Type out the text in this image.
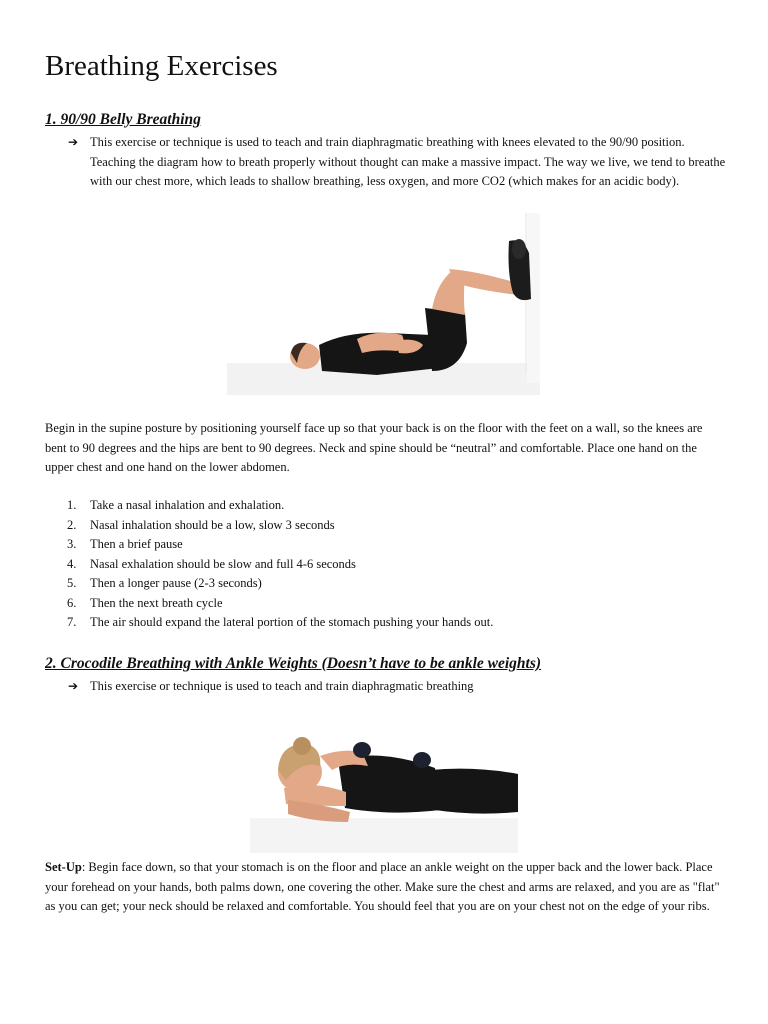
Breathing Exercises
1. 90/90 Belly Breathing
➔ This exercise or technique is used to teach and train diaphragmatic breathing with knees elevated to the 90/90 position. Teaching the diagram how to breath properly without thought can make a massive impact. The way we live, we tend to breathe with our chest more, which leads to shallow breathing, less oxygen, and more CO2 (which makes for an acidic body).

Begin in the supine posture by positioning yourself face up so that your back is on the floor with the feet on a wall, so the knees are bent to 90 degrees and the hips are bent to 90 degrees. Neck and spine should be “neutral” and comfortable. Place one hand on the upper chest and one hand on the lower abdomen.

1. Take a nasal inhalation and exhalation.
2. Nasal inhalation should be a low, slow 3 seconds
3. Then a brief pause
4. Nasal exhalation should be slow and full 4-6 seconds
5. Then a longer pause (2-3 seconds)
6. Then the next breath cycle
7. The air should expand the lateral portion of the stomach pushing your hands out.
2. Crocodile Breathing with Ankle Weights (Doesn’t have to be ankle weights)
➔ This exercise or technique is used to teach and train diaphragmatic breathing

Set-Up: Begin face down, so that your stomach is on the floor and place an ankle weight on the upper back and the lower back. Place your forehead on your hands, both palms down, one covering the other. Make sure the chest and arms are relaxed, and you are as "flat" as you can get; your neck should be relaxed and comfortable. You should feel that you are on your chest not on the edge of your ribs.
